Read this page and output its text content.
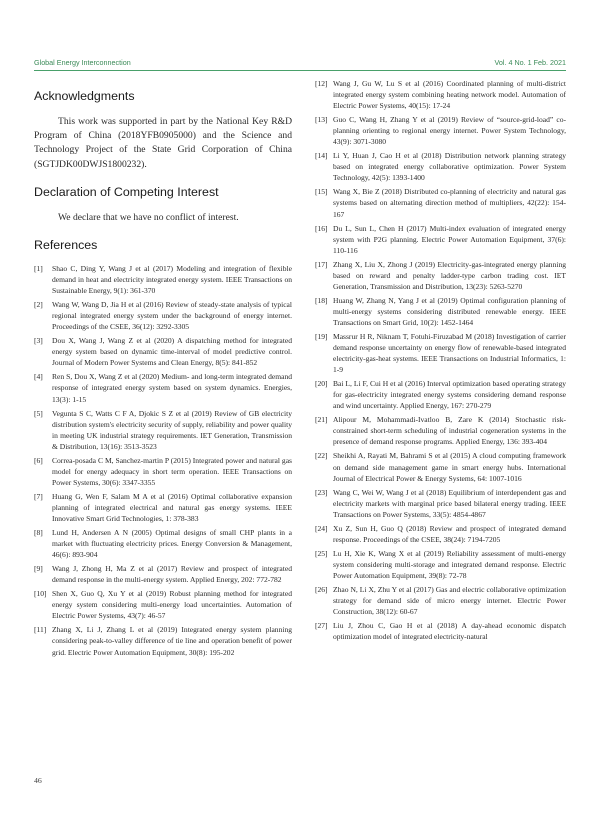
Global Energy Interconnection	Vol. 4 No. 1 Feb. 2021
Acknowledgments

This work was supported in part by the National Key R&D Program of China (2018YFB0905000) and the Science and Technology Project of the State Grid Corporation of China (SGTJDK00DWJS1800232).

Declaration of Competing Interest

We declare that we have no conflict of interest.

References
[1] Shao C, Ding Y, Wang J et al (2017) Modeling and integration of flexible demand in heat and electricity integrated energy system. IEEE Transactions on Sustainable Energy, 9(1): 361-370
[2] Wang W, Wang D, Jia H et al (2016) Review of steady-state analysis of typical regional integrated energy system under the background of energy internet. Proceedings of the CSEE, 36(12): 3292-3305
[3] Dou X, Wang J, Wang Z et al (2020) A dispatching method for integrated energy system based on dynamic time-interval of model predictive control. Journal of Modern Power Systems and Clean Energy, 8(5): 841-852
[4] Ren S, Dou X, Wang Z et al (2020) Medium- and long-term integrated demand response of integrated energy system based on system dynamics. Energies, 13(3): 1-15
[5] Vegunta S C, Watts C F A, Djokic S Z et al (2019) Review of GB electricity distribution system's electricity security of supply, reliability and power quality in meeting UK industrial strategy requirements. IET Generation, Transmission & Distribution, 13(16): 3513-3523
[6] Correa-posada C M, Sanchez-martin P (2015) Integrated power and natural gas model for energy adequacy in short term operation. IEEE Transactions on Power Systems, 30(6): 3347-3355
[7] Huang G, Wen F, Salam M A et al (2016) Optimal collaborative expansion planning of integrated electrical and natural gas energy systems. IEEE Innovative Smart Grid Technologies, 1: 378-383
[8] Lund H, Andersen A N (2005) Optimal designs of small CHP plants in a market with fluctuating electricity prices. Energy Conversion & Management, 46(6): 893-904
[9] Wang J, Zhong H, Ma Z et al (2017) Review and prospect of integrated demand response in the multi-energy system. Applied Energy, 202: 772-782
[10] Shen X, Guo Q, Xu Y et al (2019) Robust planning method for integrated energy system considering multi-energy load uncertainties. Automation of Electric Power Systems, 43(7): 46-57
[11] Zhang X, Li J, Zhang L et al (2019) Integrated energy system planning considering peak-to-valley difference of tie line and operation benefit of power grid. Electric Power Automation Equipment, 30(8): 195-202
[12] Wang J, Gu W, Lu S et al (2016) Coordinated planning of multi-district integrated energy system combining heating network model. Automation of Electric Power Systems, 40(15): 17-24
[13] Guo C, Wang H, Zhang Y et al (2019) Review of “source-grid-load” co-planning orienting to regional energy internet. Power System Technology, 43(9): 3071-3080
[14] Li Y, Huan J, Cao H et al (2018) Distribution network planning strategy based on integrated energy collaborative optimization. Power System Technology, 42(5): 1393-1400
[15] Wang X, Bie Z (2018) Distributed co-planning of electricity and natural gas systems based on alternating direction method of multipliers, 42(22): 154-167
[16] Du L, Sun L, Chen H (2017) Multi-index evaluation of integrated energy system with P2G planning. Electric Power Automation Equipment, 37(6): 110-116
[17] Zhang X, Liu X, Zhong J (2019) Electricity-gas-integrated energy planning based on reward and penalty ladder-type carbon trading cost. IET Generation, Transmission and Distribution, 13(23): 5263-5270
[18] Huang W, Zhang N, Yang J et al (2019) Optimal configuration planning of multi-energy systems considering distributed renewable energy. IEEE Transactions on Smart Grid, 10(2): 1452-1464
[19] Massrur H R, Niknam T, Fotuhi-Firuzabad M (2018) Investigation of carrier demand response uncertainty on energy flow of renewable-based integrated electricity-gas-heat systems. IEEE Transactions on Industrial Informatics, 1: 1-9
[20] Bai L, Li F, Cui H et al (2016) Interval optimization based operating strategy for gas-electricity integrated energy systems considering demand response and wind uncertainty. Applied Energy, 167: 270-279
[21] Alipour M, Mohammadi-Ivatloo B, Zare K (2014) Stochastic risk-constrained short-term scheduling of industrial cogeneration systems in the presence of demand response programs. Applied Energy, 136: 393-404
[22] Sheikhi A, Rayati M, Bahrami S et al (2015) A cloud computing framework on demand side management game in smart energy hubs. International Journal of Electrical Power & Energy Systems, 64: 1007-1016
[23] Wang C, Wei W, Wang J et al (2018) Equilibrium of interdependent gas and electricity markets with marginal price based bilateral energy trading. IEEE Transactions on Power Systems, 33(5): 4854-4867
[24] Xu Z, Sun H, Guo Q (2018) Review and prospect of integrated demand response. Proceedings of the CSEE, 38(24): 7194-7205
[25] Lu H, Xie K, Wang X et al (2019) Reliability assessment of multi-energy system considering multi-storage and integrated demand response. Electric Power Automation Equipment, 39(8): 72-78
[26] Zhao N, Li X, Zhu Y et al (2017) Gas and electric collaborative optimization strategy for demand side of micro energy internet. Electric Power Construction, 38(12): 60-67
[27] Liu J, Zhou C, Gao H et al (2018) A day-ahead economic dispatch optimization model of integrated electricity-natural
46
